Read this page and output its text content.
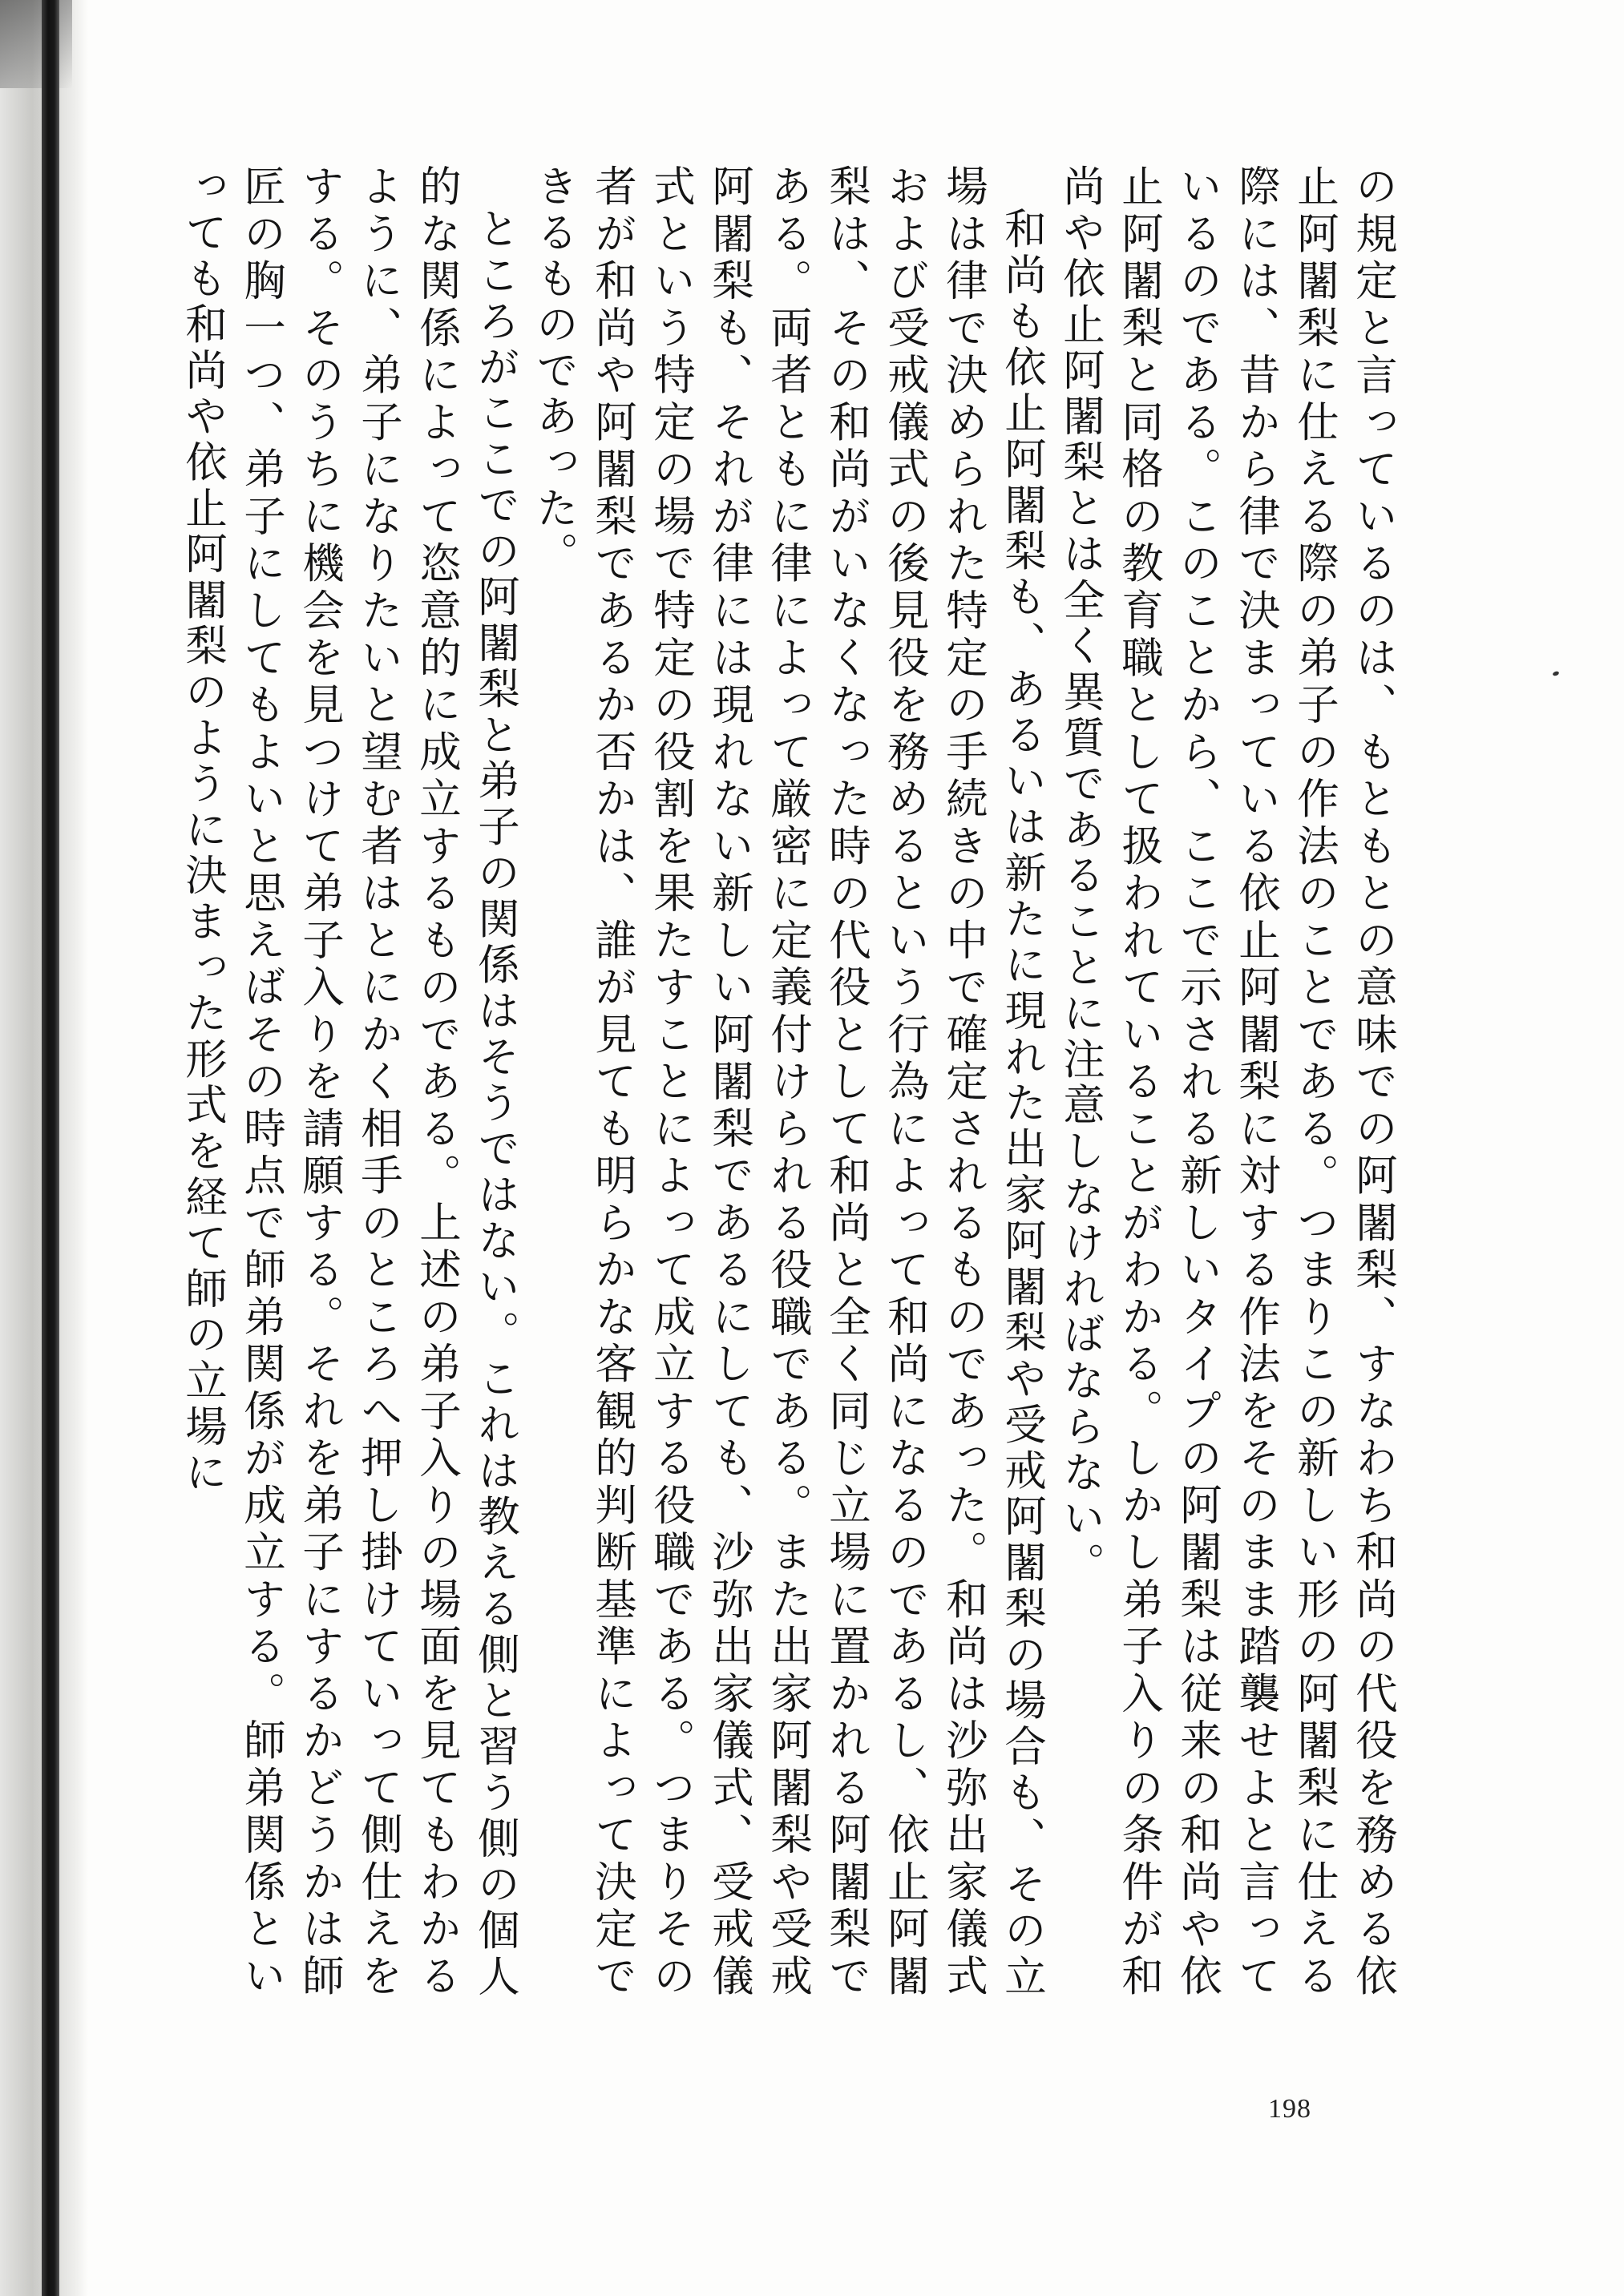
の規定と言っているのは、もともとの意味での阿闍梨、すなわち和尚の代役を務める依止阿闍梨に仕える際の弟子の作法のことである。つまりこの新しい形の阿闍梨に仕える際には、昔から律で決まっている依止阿闍梨に対する作法をそのまま踏襲せよと言っているのである。このことから、ここで示される新しいタイプの阿闍梨は従来の和尚や依止阿闍梨と同格の教育職として扱われていることがわかる。しかし弟子入りの条件が和尚や依止阿闍梨とは全く異質であることに注意しなければならない。

和尚も依止阿闍梨も、あるいは新たに現れた出家阿闍梨や受戒阿闍梨の場合も、その立場は律で決められた特定の手続きの中で確定されるものであった。和尚は沙弥出家儀式および受戒儀式の後見役を務めるという行為によって和尚になるのであるし、依止阿闍梨は、その和尚がいなくなった時の代役として和尚と全く同じ立場に置かれる阿闍梨である。両者ともに律によって厳密に定義付けられる役職である。また出家阿闍梨や受戒阿闍梨も、それが律には現れない新しい阿闍梨であるにしても、沙弥出家儀式、受戒儀式という特定の場で特定の役割を果たすことによって成立する役職である。つまりその者が和尚や阿闍梨であるか否かは、誰が見ても明らかな客観的判断基準によって決定できるものであった。

ところがここでの阿闍梨と弟子の関係はそうではない。これは教える側と習う側の個人的な関係によって恣意的に成立するものである。上述の弟子入りの場面を見てもわかるように、弟子になりたいと望む者はとにかく相手のところへ押し掛けていって側仕えをする。そのうちに機会を見つけて弟子入りを請願する。それを弟子にするかどうかは師匠の胸一つ、弟子にしてもよいと思えばその時点で師弟関係が成立する。師弟関係といっても和尚や依止阿闍梨のように決まった形式を経て師の立場に

198
